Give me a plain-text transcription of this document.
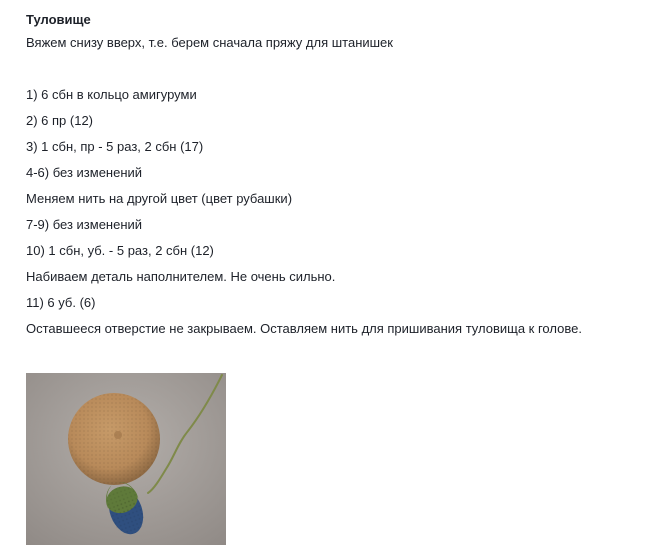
Туловище

Вяжем снизу вверх, т.е. берем сначала пряжу для штанишек

1) 6 сбн в кольцо амигуруми

2) 6 пр (12)

3) 1 сбн, пр - 5 раз, 2 сбн (17)

4-6) без изменений

Меняем нить на другой цвет (цвет рубашки)

7-9) без изменений

10) 1 сбн, уб. - 5 раз, 2 сбн (12)

Набиваем деталь наполнителем. Не очень сильно.

11) 6 уб. (6)

Оставшееся отверстие не закрываем. Оставляем нить для пришивания туловища к голове.
